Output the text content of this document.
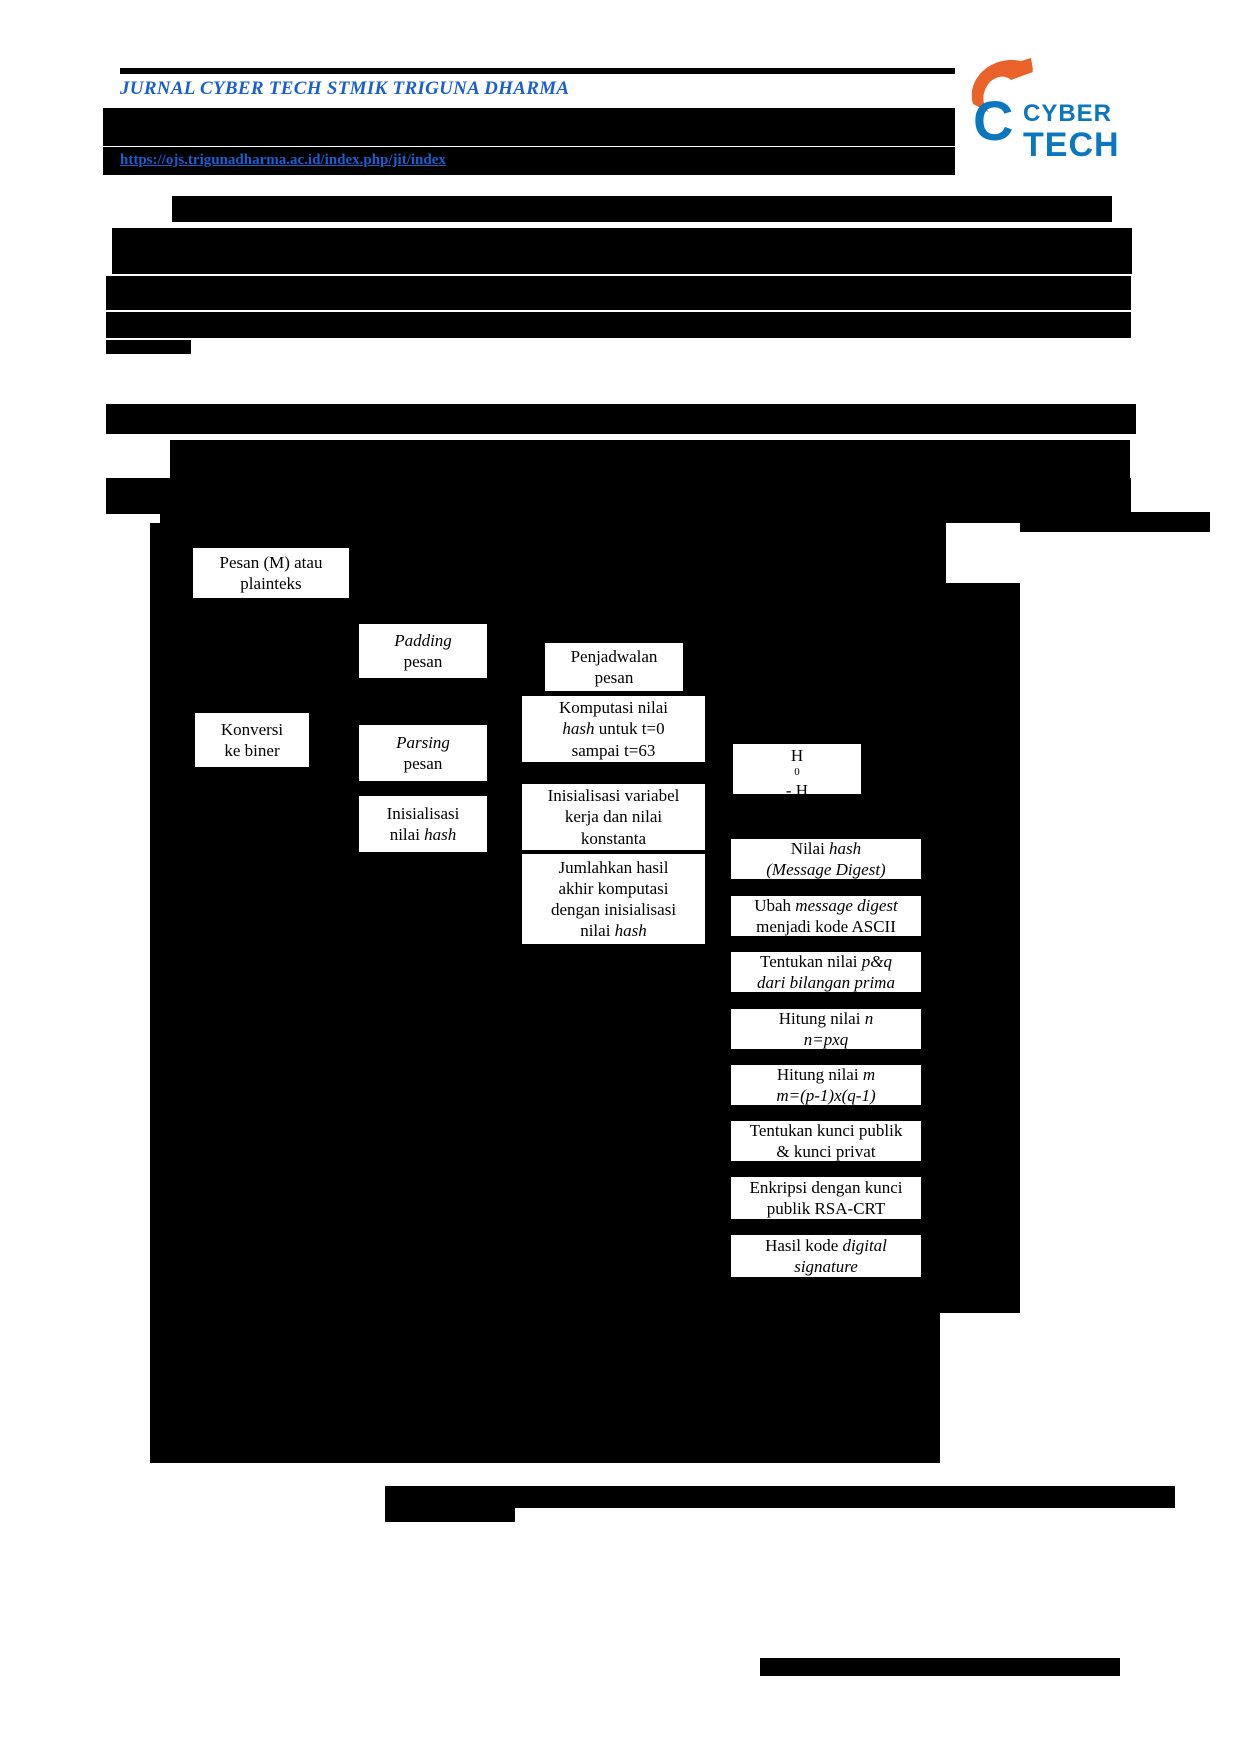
JURNAL CYBER TECH STMIK TRIGUNA DHARMA
https://ojs.trigunadharma.ac.id/index.php/jit/index
C CYBER
TECH
Pesan (M) atau
plainteks
Padding
pesan	Penjadwalan
pesan
Konversi
ke biner	Parsing
pesan
Komputasi nilai
hash untuk t=0
sampai t=63
Inisialisasi variabel
kerja dan nilai
konstanta
Gabungan
H
0
- H
7
Inisialisasi
nilai hash
Nilai hash
(Message Digest)
Jumlahkan hasil
akhir komputasi
dengan inisialisasi
nilai hash
Ubah message digest
menjadi kode ASCII
Tentukan nilai p&q
dari bilangan prima
Hitung nilai n
n=pxq
Hitung nilai m
m=(p-1)x(q-1)
Tentukan kunci publik
& kunci privat
Enkripsi dengan kunci
publik RSA-CRT
Hasil kode digital
signature
